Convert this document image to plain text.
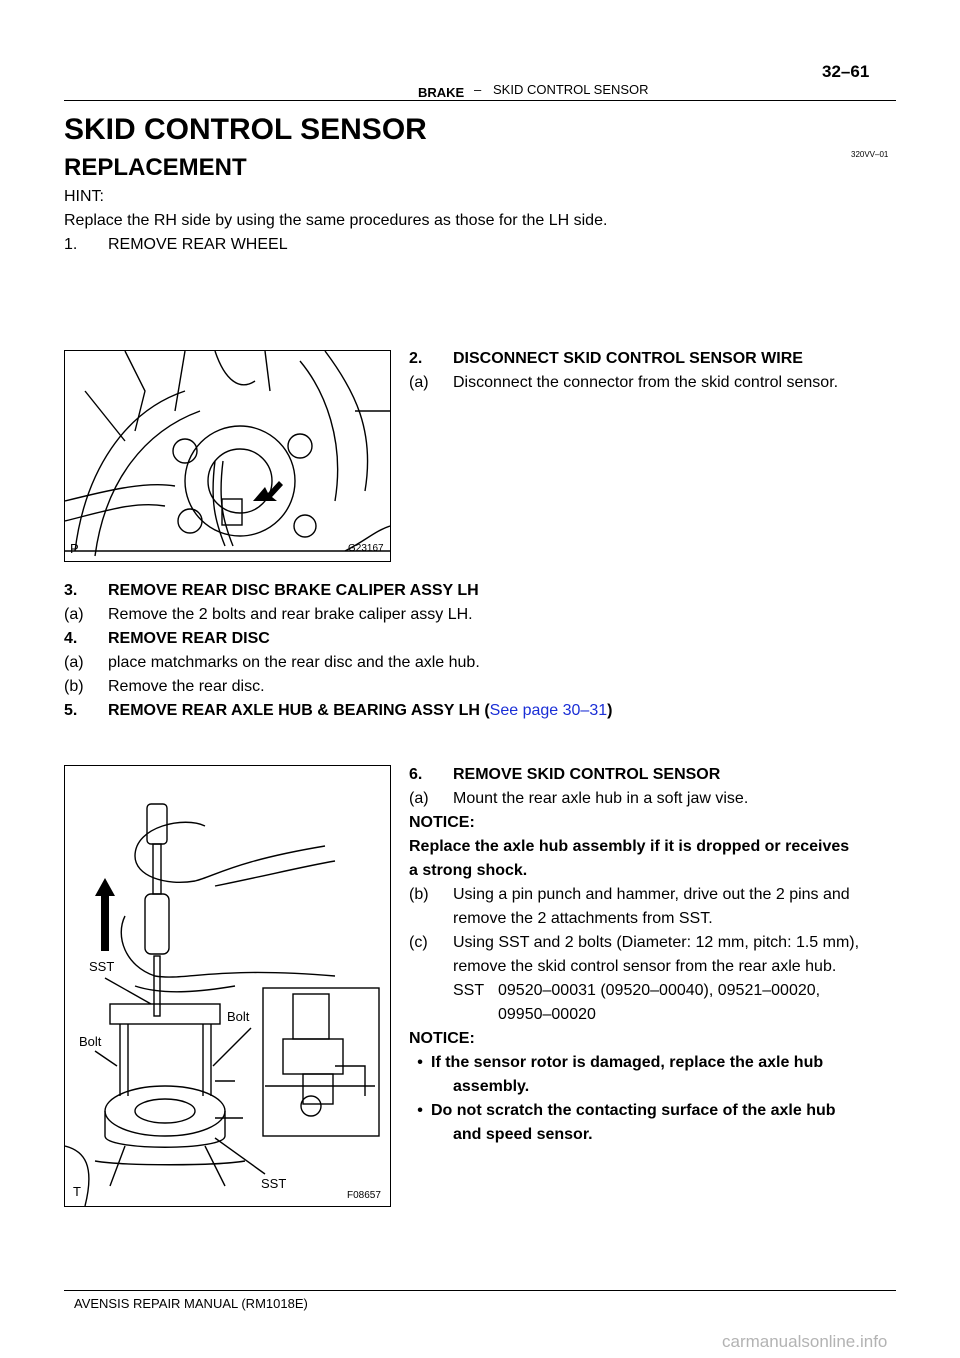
BRAKE – SKID CONTROL SENSOR
32–61
SKID CONTROL SENSOR
320VV–01
REPLACEMENT
HINT:
Replace the RH side by using the same procedures as those for the LH side.
1. REMOVE REAR WHEEL
P	G23167
2. DISCONNECT SKID CONTROL SENSOR WIRE
(a) Disconnect the connector from the skid control sensor.
3. REMOVE REAR DISC BRAKE CALIPER ASSY LH
(a) Remove the 2 bolts and rear brake caliper assy LH.
4. REMOVE REAR DISC
(a) place matchmarks on the rear disc and the axle hub.
(b) Remove the rear disc.
5. REMOVE REAR AXLE HUB & BEARING ASSY LH (See page 30–31)
SST
Bolt
Bolt
SST
T	F08657
6. REMOVE SKID CONTROL SENSOR
(a) Mount the rear axle hub in a soft jaw vise.
NOTICE:
Replace the axle hub assembly if it is dropped or receives
a strong shock.
(b) Using a pin punch and hammer, drive out the 2 pins and
remove the 2 attachments from SST.
(c) Using SST and 2 bolts (Diameter: 12 mm, pitch: 1.5 mm),
remove the skid control sensor from the rear axle hub.
SST 09520–00031 (09520–00040), 09521–00020,
09950–00020
NOTICE:
• If the sensor rotor is damaged, replace the axle hub
assembly.
• Do not scratch the contacting surface of the axle hub
and speed sensor.
AVENSIS REPAIR MANUAL (RM1018E)
carmanualsonline.info
